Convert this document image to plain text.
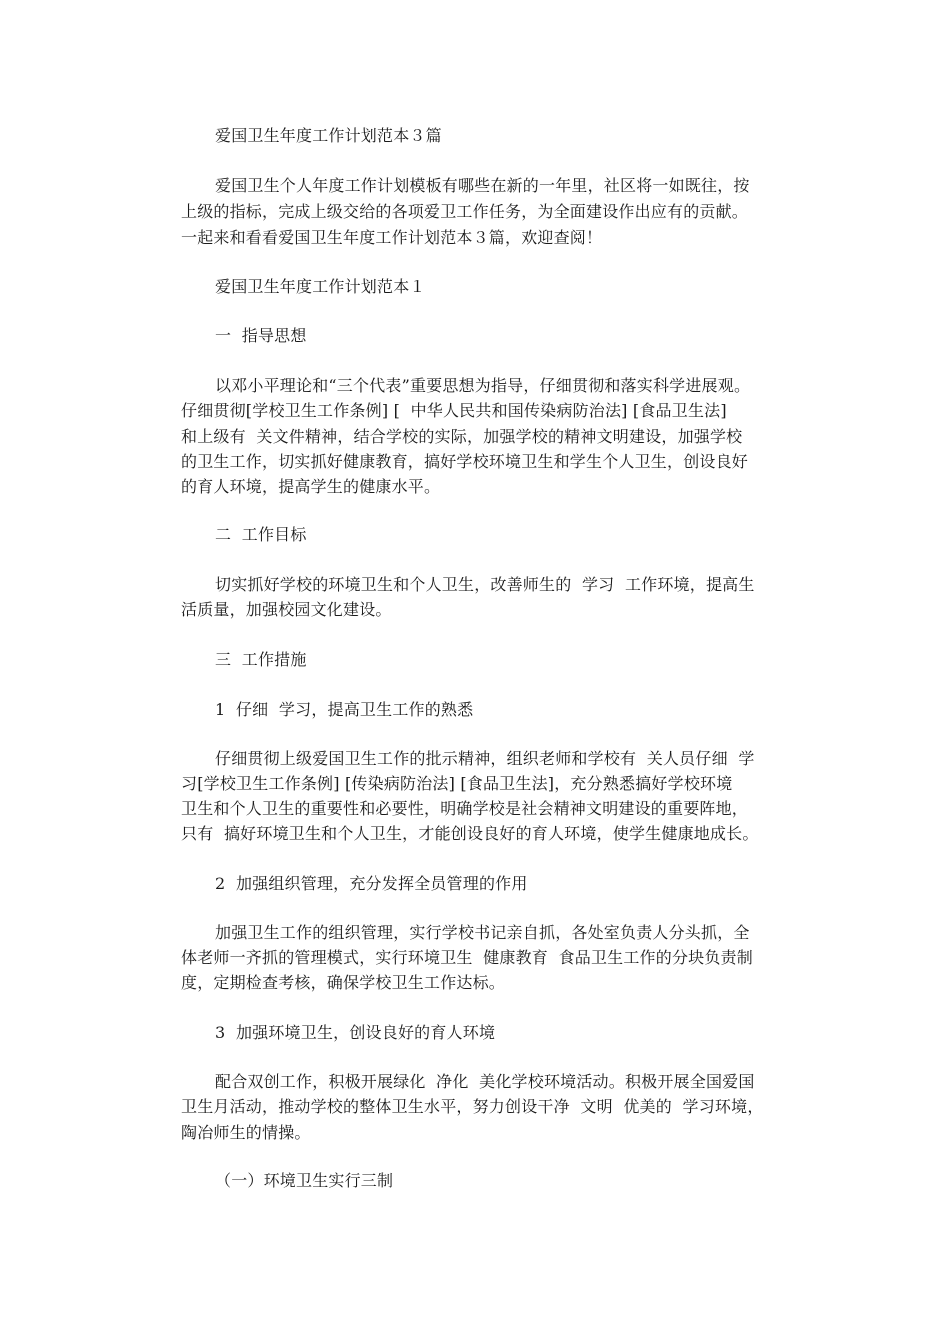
爱国卫生年度工作计划范本３篇
爱国卫生个人年度工作计划模板有哪些在新的一年里，社区将一如既往，按
上级的指标，完成上级交给的各项爱卫工作任务，为全面建设作出应有的贡献。
一起来和看看爱国卫生年度工作计划范本３篇，欢迎查阅！
爱国卫生年度工作计划范本１
一  指导思想
以邓小平理论和“三个代表”重要思想为指导，仔细贯彻和落实科学进展观。
仔细贯彻[学校卫生工作条例] [  中华人民共和国传染病防治法] [食品卫生法]
和上级有  关文件精神，结合学校的实际，加强学校的精神文明建设，加强学校
的卫生工作，切实抓好健康教育，搞好学校环境卫生和学生个人卫生，创设良好
的育人环境，提高学生的健康水平。
二  工作目标
切实抓好学校的环境卫生和个人卫生，改善师生的  学习  工作环境，提高生
活质量，加强校园文化建设。
三  工作措施
1  仔细  学习，提高卫生工作的熟悉
仔细贯彻上级爱国卫生工作的批示精神，组织老师和学校有  关人员仔细  学
习[学校卫生工作条例] [传染病防治法] [食品卫生法]，充分熟悉搞好学校环境
卫生和个人卫生的重要性和必要性，明确学校是社会精神文明建设的重要阵地，
只有  搞好环境卫生和个人卫生，才能创设良好的育人环境，使学生健康地成长。
2  加强组织管理，充分发挥全员管理的作用
加强卫生工作的组织管理，实行学校书记亲自抓，各处室负责人分头抓，全
体老师一齐抓的管理模式，实行环境卫生  健康教育  食品卫生工作的分块负责制
度，定期检查考核，确保学校卫生工作达标。
3  加强环境卫生，创设良好的育人环境
配合双创工作，积极开展绿化  净化  美化学校环境活动。积极开展全国爱国
卫生月活动，推动学校的整体卫生水平，努力创设干净  文明  优美的  学习环境，
陶冶师生的情操。
（一）环境卫生实行三制
